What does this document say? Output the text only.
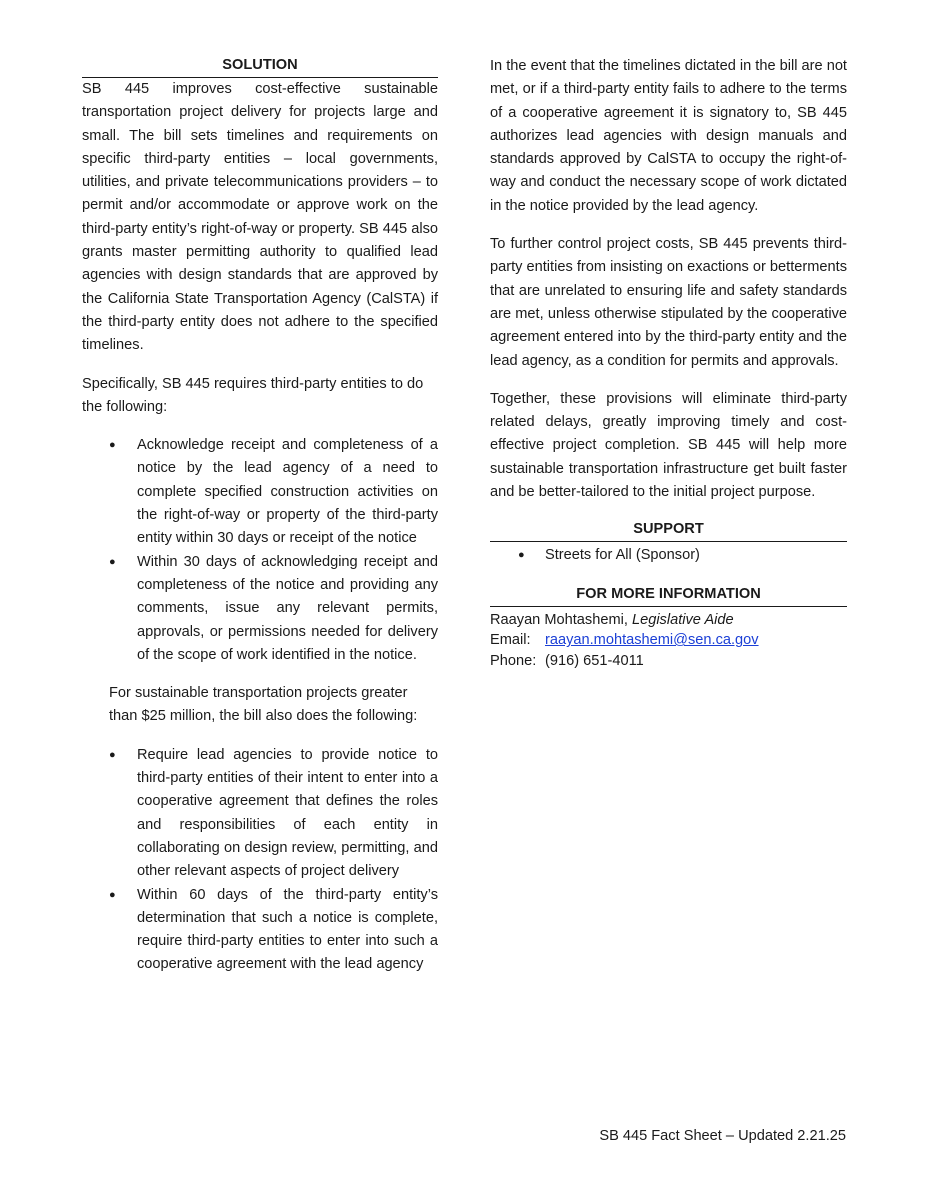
SOLUTION

SB 445 improves cost-effective sustainable transportation project delivery for projects large and small. The bill sets timelines and requirements on specific third-party entities – local governments, utilities, and private telecommunications providers – to permit and/or accommodate or approve work on the third-party entity’s right-of-way or property. SB 445 also grants master permitting authority to qualified lead agencies with design standards that are approved by the California State Transportation Agency (CalSTA) if the third-party entity does not adhere to the specified timelines.

Specifically, SB 445 requires third-party entities to do the following:

● Acknowledge receipt and completeness of a notice by the lead agency of a need to complete specified construction activities on the right-of-way or property of the third-party entity within 30 days or receipt of the notice
● Within 30 days of acknowledging receipt and completeness of the notice and providing any comments, issue any relevant permits, approvals, or permissions needed for delivery of the scope of work identified in the notice.

For sustainable transportation projects greater than $25 million, the bill also does the following:

● Require lead agencies to provide notice to third-party entities of their intent to enter into a cooperative agreement that defines the roles and responsibilities of each entity in collaborating on design review, permitting, and other relevant aspects of project delivery
● Within 60 days of the third-party entity’s determination that such a notice is complete, require third-party entities to enter into such a cooperative agreement with the lead agency

In the event that the timelines dictated in the bill are not met, or if a third-party entity fails to adhere to the terms of a cooperative agreement it is signatory to, SB 445 authorizes lead agencies with design manuals and standards approved by CalSTA to occupy the right-of-way and conduct the necessary scope of work dictated in the notice provided by the lead agency.

To further control project costs, SB 445 prevents third-party entities from insisting on exactions or betterments that are unrelated to ensuring life and safety standards are met, unless otherwise stipulated by the cooperative agreement entered into by the third-party entity and the lead agency, as a condition for permits and approvals.

Together, these provisions will eliminate third-party related delays, greatly improving timely and cost-effective project completion. SB 445 will help more sustainable transportation infrastructure get built faster and be better-tailored to the initial project purpose.

SUPPORT
● Streets for All (Sponsor)
FOR MORE INFORMATION
Raayan Mohtashemi,
Legislative Aide
Email: raayan.mohtashemi@sen.ca.gov
Phone: (916) 651-4011
SB 445 Fact Sheet – Updated 2.21.25
